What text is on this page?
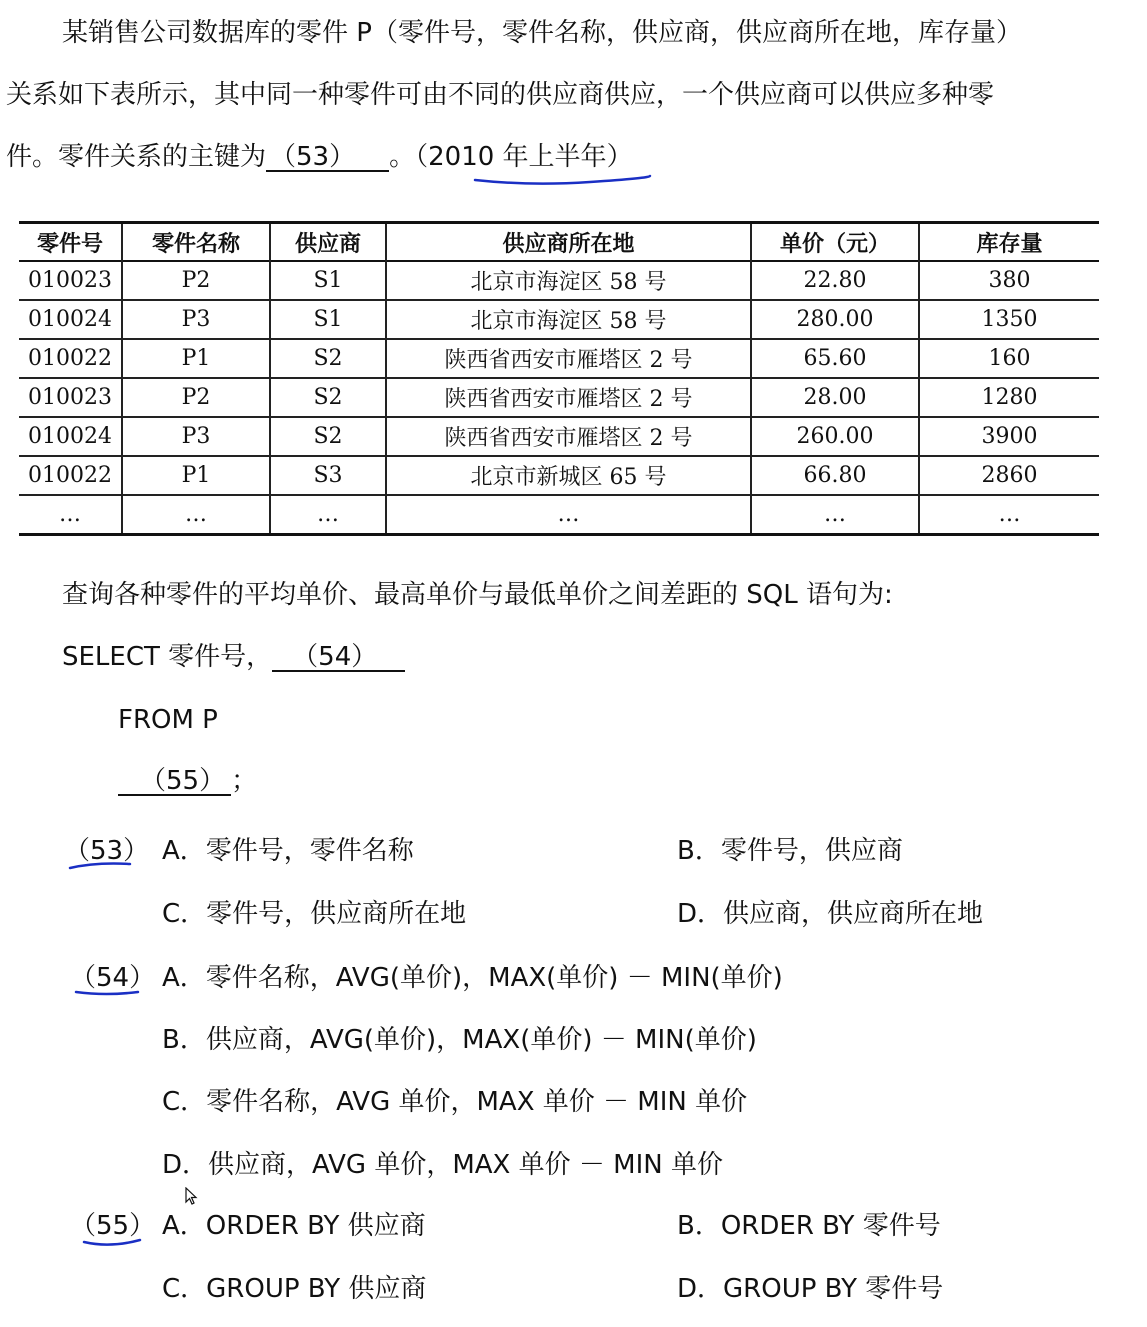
某销售公司数据库的零件 P（零件号，零件名称，供应商，供应商所在地，库存量）
关系如下表所示，其中同一种零件可由不同的供应商供应，一个供应商可以供应多种零
件。零件关系的主键为 （53） 。（2010 年上半年）
零件号	零件名称	供应商	供应商所在地	单价（元）	库存量
010023	P2	S1	北京市海淀区 58 号	22.80	380
010024	P3	S1	北京市海淀区 58 号	280.00	1350
010022	P1	S2	陕西省西安市雁塔区 2 号	65.60	160
010023	P2	S2	陕西省西安市雁塔区 2 号	28.00	1280
010024	P3	S2	陕西省西安市雁塔区 2 号	260.00	3900
010022	P1	S3	北京市新城区 65 号	66.80	2860
…	…	…	…	…	…
查询各种零件的平均单价、最高单价与最低单价之间差距的 SQL 语句为:
SELECT 零件号， （54）
FROM P
（55） ；
（53） A．零件号，零件名称	B．零件号，供应商
C．零件号，供应商所在地	D．供应商，供应商所在地
（54） A．零件名称，AVG(单价)，MAX(单价) － MIN(单价)
B．供应商，AVG(单价)，MAX(单价) － MIN(单价)
C．零件名称，AVG 单价，MAX 单价 － MIN 单价
D．供应商，AVG 单价，MAX 单价 － MIN 单价
（55） A．ORDER BY 供应商	B．ORDER BY 零件号
C．GROUP BY 供应商	D．GROUP BY 零件号
